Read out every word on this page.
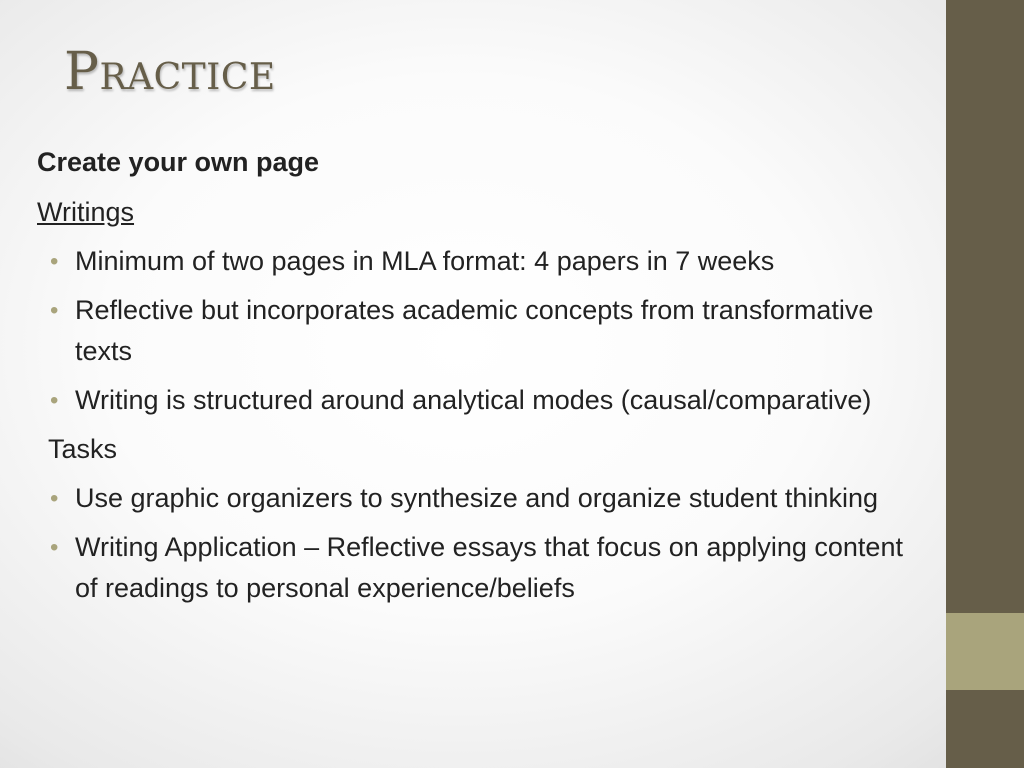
Practice
Create your own page
Writings
• Minimum of two pages in MLA format: 4 papers in 7 weeks
• Reflective but incorporates academic concepts from transformative texts
• Writing is structured around analytical modes (causal/comparative)
Tasks
• Use graphic organizers to synthesize and organize student thinking
• Writing Application – Reflective essays that focus on applying content of readings to personal experience/beliefs
